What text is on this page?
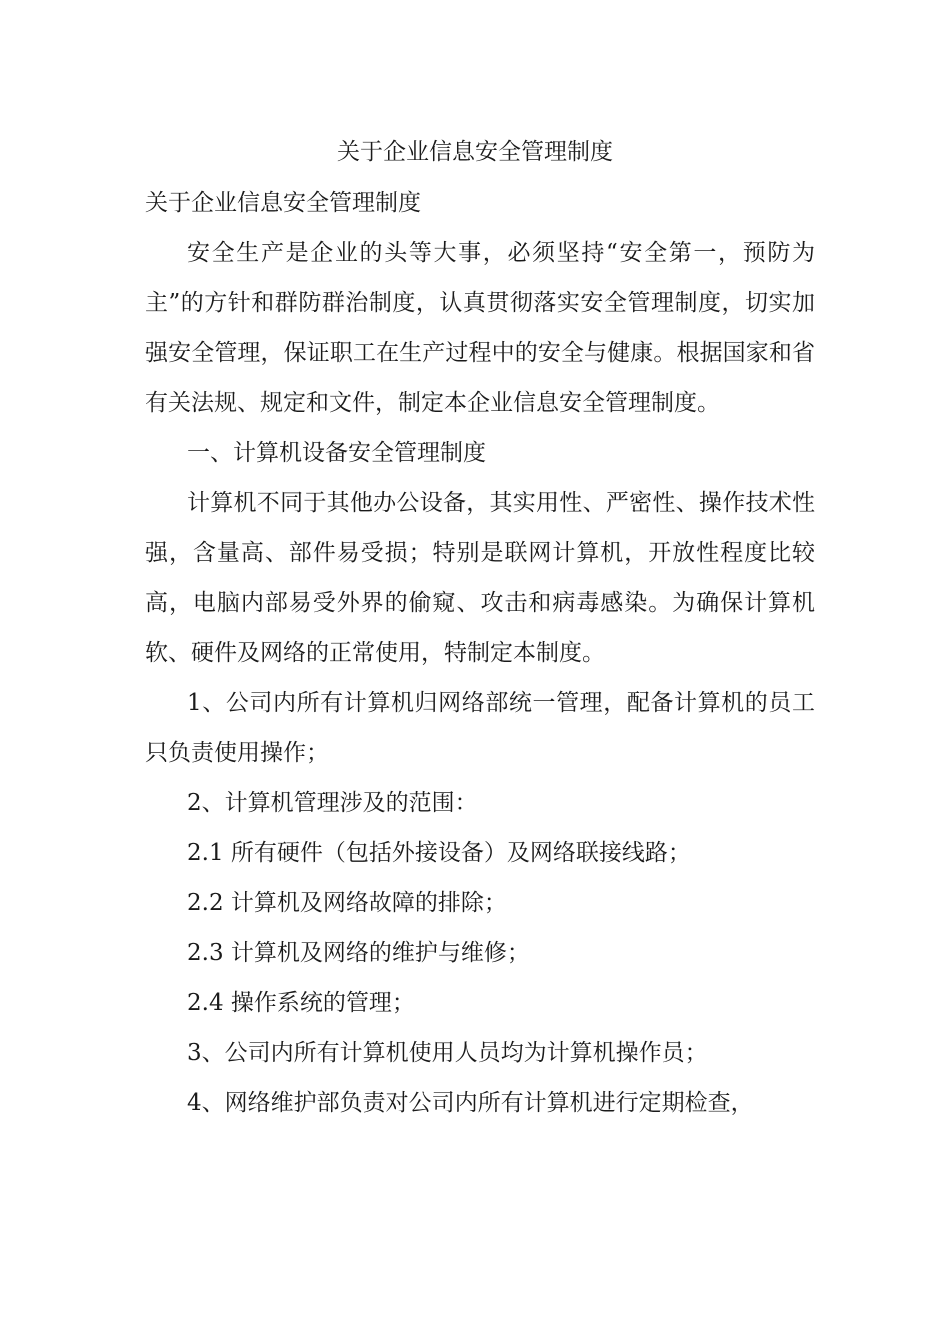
关于企业信息安全管理制度

关于企业信息安全管理制度

安全生产是企业的头等大事，必须坚持“安全第一，预防为主”的方针和群防群治制度，认真贯彻落实安全管理制度，切实加强安全管理，保证职工在生产过程中的安全与健康。根据国家和省有关法规、规定和文件，制定本企业信息安全管理制度。

一、计算机设备安全管理制度

计算机不同于其他办公设备，其实用性、严密性、操作技术性强，含量高、部件易受损；特别是联网计算机，开放性程度比较高，电脑内部易受外界的偷窥、攻击和病毒感染。为确保计算机软、硬件及网络的正常使用，特制定本制度。

1、公司内所有计算机归网络部统一管理，配备计算机的员工只负责使用操作；

2、计算机管理涉及的范围：

2.1 所有硬件（包括外接设备）及网络联接线路；

2.2 计算机及网络故障的排除；

2.3 计算机及网络的维护与维修；

2.4 操作系统的管理；

3、公司内所有计算机使用人员均为计算机操作员；

4、网络维护部负责对公司内所有计算机进行定期检查，
